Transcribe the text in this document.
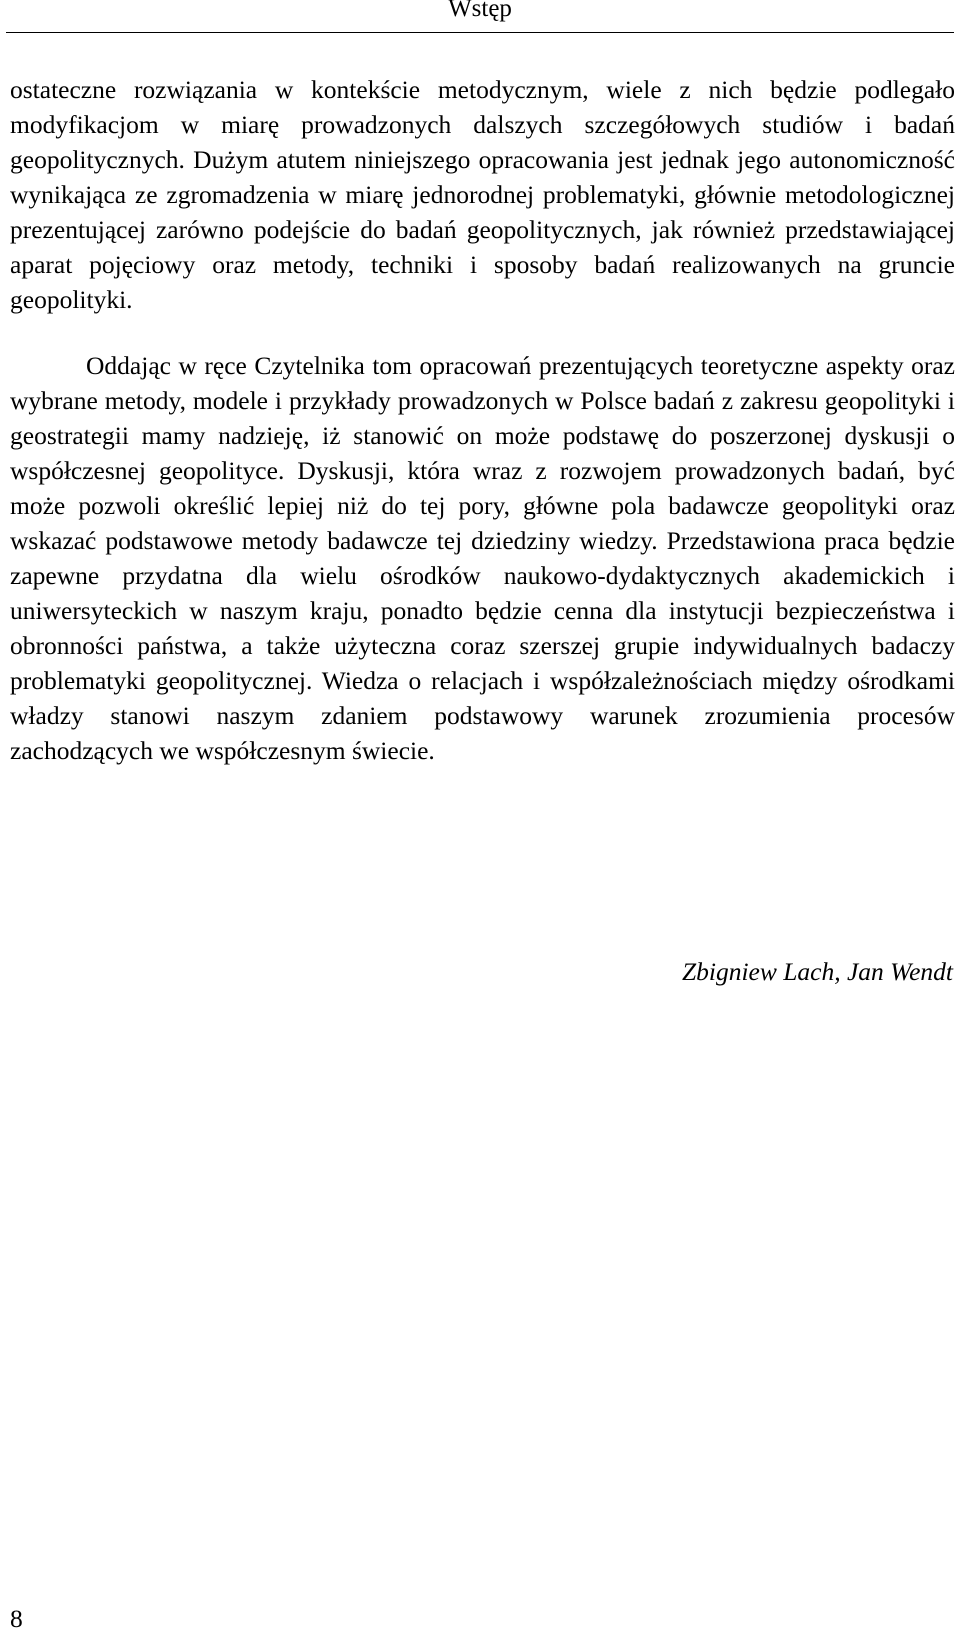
Wstęp

ostateczne rozwiązania w kontekście metodycznym, wiele z nich będzie podlegało modyfikacjom w miarę prowadzonych dalszych szczegółowych studiów i badań geopolitycznych. Dużym atutem niniejszego opracowania jest jednak jego autonomiczność wynikająca ze zgromadzenia w miarę jednorodnej problematyki, głównie metodologicznej prezentującej zarówno podejście do badań geopolitycznych, jak również przedstawiającej aparat pojęciowy oraz metody, techniki i sposoby badań realizowanych na gruncie geopolityki.

Oddając w ręce Czytelnika tom opracowań prezentujących teoretyczne aspekty oraz wybrane metody, modele i przykłady prowadzonych w Polsce badań z zakresu geopolityki i geostrategii mamy nadzieję, iż stanowić on może podstawę do poszerzonej dyskusji o współczesnej geopolityce. Dyskusji, która wraz z rozwojem prowadzonych badań, być może pozwoli określić lepiej niż do tej pory, główne pola badawcze geopolityki oraz wskazać podstawowe metody badawcze tej dziedziny wiedzy. Przedstawiona praca będzie zapewne przydatna dla wielu ośrodków naukowo-dydaktycznych akademickich i uniwersyteckich w naszym kraju, ponadto będzie cenna dla instytucji bezpieczeństwa i obronności państwa, a także użyteczna coraz szerszej grupie indywidualnych badaczy problematyki geopolitycznej. Wiedza o relacjach i współzależnościach między ośrodkami władzy stanowi naszym zdaniem podstawowy warunek zrozumienia procesów zachodzących we współczesnym świecie.

Zbigniew Lach, Jan Wendt
8
